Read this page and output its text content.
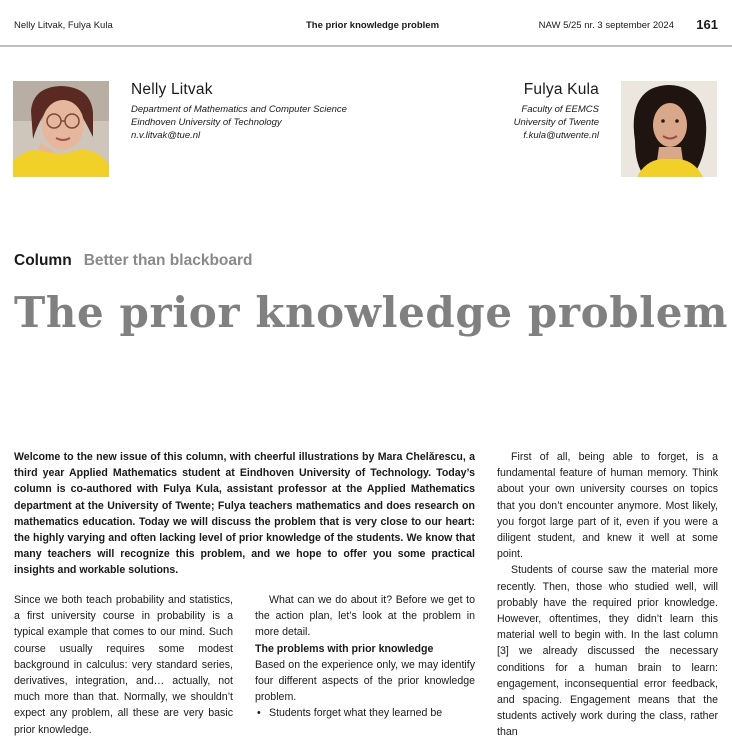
Nelly Litvak, Fulya Kula	The prior knowledge problem	NAW 5/25 nr. 3 september 2024 161
Nelly Litvak
Department of Mathematics and Computer Science
Eindhoven University of Technology
n.v.litvak@tue.nl
Fulya Kula
Faculty of EEMCS
University of Twente
f.kula@utwente.nl
Column Better than blackboard
The prior knowledge problem

Welcome to the new issue of this column, with cheerful illustrations by Mara Chelărescu, a third year Applied Mathematics student at Eindhoven University of Technology. Today’s column is co-authored with Fulya Kula, assistant professor at the Applied Mathematics department at the University of Twente; Fulya teachers mathematics and does research on mathematics education. Today we will discuss the problem that is very close to our heart: the highly varying and often lacking level of prior knowledge of the students. We know that many teachers will recognize this problem, and we hope to offer you some practical insights and workable solutions.

Since we both teach probability and statistics, a first university course in probability is a typical example that comes to our mind. Such course usually requires some modest background in calculus: very standard series, derivatives, integration, and… actually, not much more than that. Normally, we shouldn’t expect any problem, all these are very basic prior knowledge.

What can we do about it? Before we get to the action plan, let’s look at the problem in more detail.

The problems with prior knowledge

Based on the experience only, we may identify four different aspects of the prior knowledge problem.

• Students forget what they learned be

First of all, being able to forget, is a fundamental feature of human memory. Think about your own university courses on topics that you don’t encounter anymore. Most likely, you forgot large part of it, even if you were a diligent student, and knew it well at some point.

Students of course saw the material more recently. Then, those who studied well, will probably have the required prior knowledge. However, oftentimes, they didn’t learn this material well to begin with. In the last column [3] we already discussed the necessary conditions for a human brain to learn: engagement, inconsequential error feedback, and spacing. Engagement means that the students actively work during the class, rather than
